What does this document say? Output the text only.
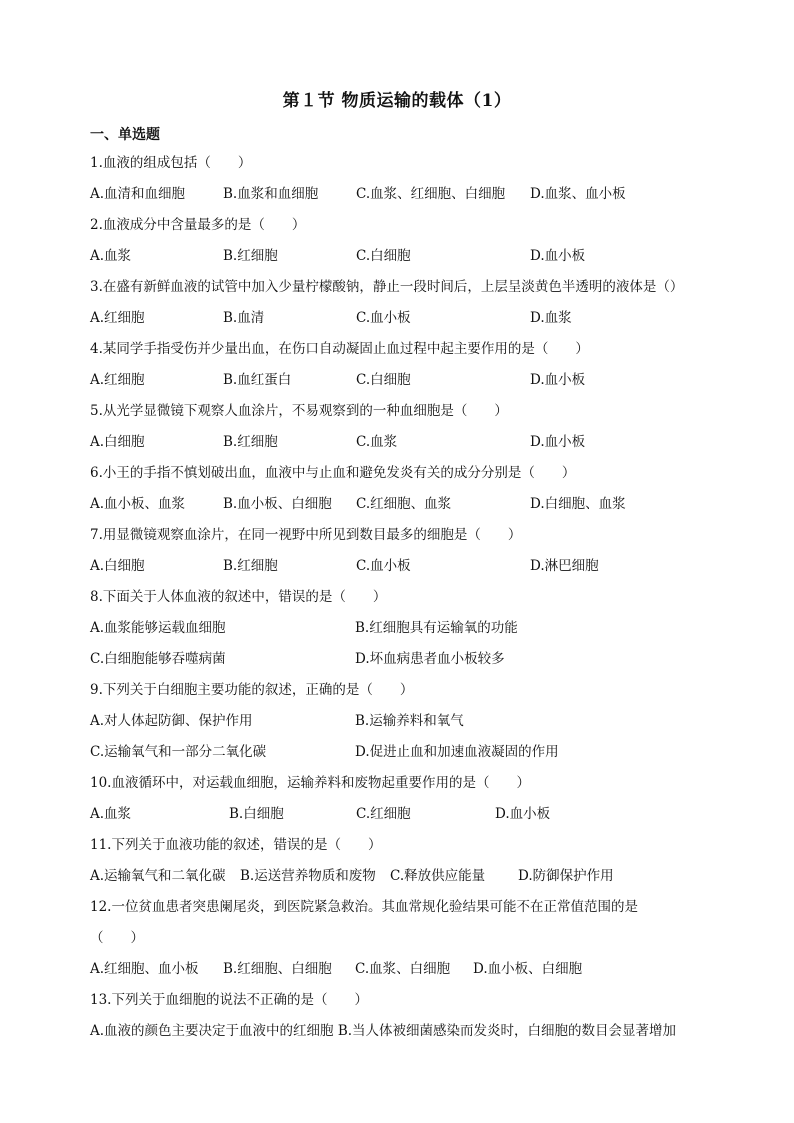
第１节 物质运输的载体（1）
一、单选题
1.血液的组成包括（　　）
A.血清和血细胞	B.血浆和血细胞	C.血浆、红细胞、白细胞	D.血浆、血小板
2.血液成分中含量最多的是（　　）
A.血浆	B.红细胞	C.白细胞	D.血小板
3.在盛有新鲜血液的试管中加入少量柠檬酸钠，静止一段时间后，上层呈淡黄色半透明的液体是（）
A.红细胞	B.血清	C.血小板	D.血浆
4.某同学手指受伤并少量出血，在伤口自动凝固止血过程中起主要作用的是（　　）
A.红细胞	B.血红蛋白	C.白细胞	D.血小板
5.从光学显微镜下观察人血涂片，不易观察到的一种血细胞是（　　）
A.白细胞	B.红细胞	C.血浆	D.血小板
6.小王的手指不慎划破出血，血液中与止血和避免发炎有关的成分分别是（　　）
A.血小板、血浆	B.血小板、白细胞	C.红细胞、血浆	D.白细胞、血浆
7.用显微镜观察血涂片，在同一视野中所见到数目最多的细胞是（　　）
A.白细胞	B.红细胞	C.血小板	D.淋巴细胞
8.下面关于人体血液的叙述中，错误的是（　　）
A.血浆能够运载血细胞	B.红细胞具有运输氧的功能
C.白细胞能够吞噬病菌	D.坏血病患者血小板较多
9.下列关于白细胞主要功能的叙述，正确的是（　　）
A.对人体起防御、保护作用	B.运输养料和氧气
C.运输氧气和一部分二氧化碳	D.促进止血和加速血液凝固的作用
10.血液循环中，对运载血细胞，运输养料和废物起重要作用的是（　　）
A.血浆	B.白细胞	C.红细胞	D.血小板
11.下列关于血液功能的叙述，错误的是（　　）
A.运输氧气和二氧化碳	B.运送营养物质和废物	C.释放供应能量	D.防御保护作用
12.一位贫血患者突患阑尾炎，到医院紧急救治。其血常规化验结果可能不在正常值范围的是
（　　）
A.红细胞、血小板	B.红细胞、白细胞	C.血浆、白细胞	D.血小板、白细胞
13.下列关于血细胞的说法不正确的是（　　）
A.血液的颜色主要决定于血液中的红细胞 B.当人体被细菌感染而发炎时，白细胞的数目会显著增加
